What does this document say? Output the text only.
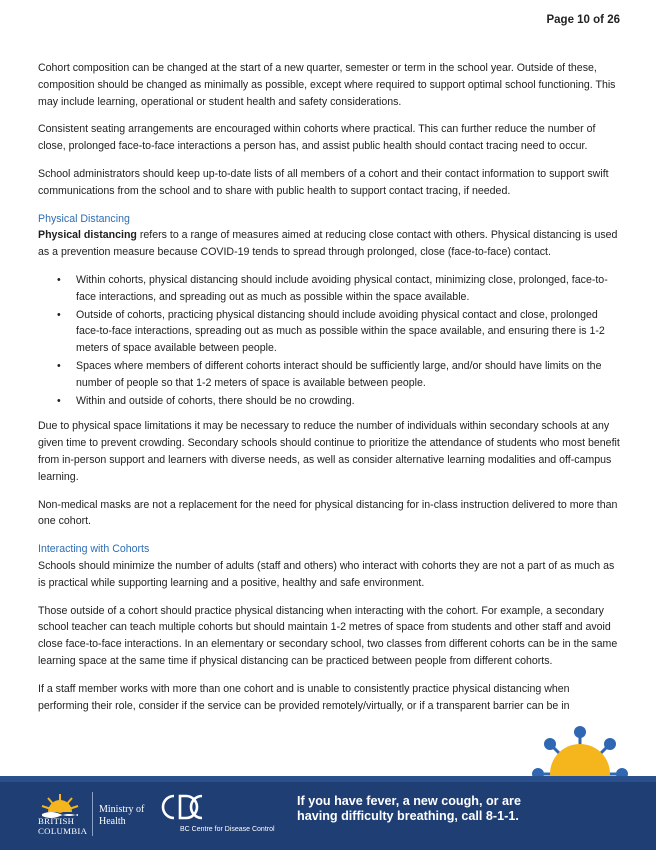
Page 10 of 26

Cohort composition can be changed at the start of a new quarter, semester or term in the school year. Outside of these, composition should be changed as minimally as possible, except where required to support optimal school functioning. This may include learning, operational or student health and safety considerations.

Consistent seating arrangements are encouraged within cohorts where practical. This can further reduce the number of close, prolonged face-to-face interactions a person has, and assist public health should contact tracing need to occur.

School administrators should keep up-to-date lists of all members of a cohort and their contact information to support swift communications from the school and to share with public health to support contact tracing, if needed.

Physical Distancing

Physical distancing refers to a range of measures aimed at reducing close contact with others. Physical distancing is used as a prevention measure because COVID-19 tends to spread through prolonged, close (face-to-face) contact.

• Within cohorts, physical distancing should include avoiding physical contact, minimizing close, prolonged, face-to-face interactions, and spreading out as much as possible within the space available.
• Outside of cohorts, practicing physical distancing should include avoiding physical contact and close, prolonged face-to-face interactions, spreading out as much as possible within the space available, and ensuring there is 1-2 meters of space available between people.
• Spaces where members of different cohorts interact should be sufficiently large, and/or should have limits on the number of people so that 1-2 meters of space is available between people.
• Within and outside of cohorts, there should be no crowding.

Due to physical space limitations it may be necessary to reduce the number of individuals within secondary schools at any given time to prevent crowding. Secondary schools should continue to prioritize the attendance of students who most benefit from in-person support and learners with diverse needs, as well as consider alternative learning modalities and off-campus learning.

Non-medical masks are not a replacement for the need for physical distancing for in-class instruction delivered to more than one cohort.

Interacting with Cohorts

Schools should minimize the number of adults (staff and others) who interact with cohorts they are not a part of as much as is practical while supporting learning and a positive, healthy and safe environment.

Those outside of a cohort should practice physical distancing when interacting with the cohort. For example, a secondary school teacher can teach multiple cohorts but should maintain 1-2 metres of space from students and other staff and avoid close face-to-face interactions. In an elementary or secondary school, two classes from different cohorts can be in the same learning space at the same time if physical distancing can be practiced between people from different cohorts.

If a staff member works with more than one cohort and is unable to consistently practice physical distancing when performing their role, consider if the service can be provided remotely/virtually, or if a transparent barrier can be in

BRITISH
COLUMBIA
Ministry of
Health
BC Centre for Disease Control
If you have fever, a new cough, or are
having difficulty breathing, call 8-1-1.
